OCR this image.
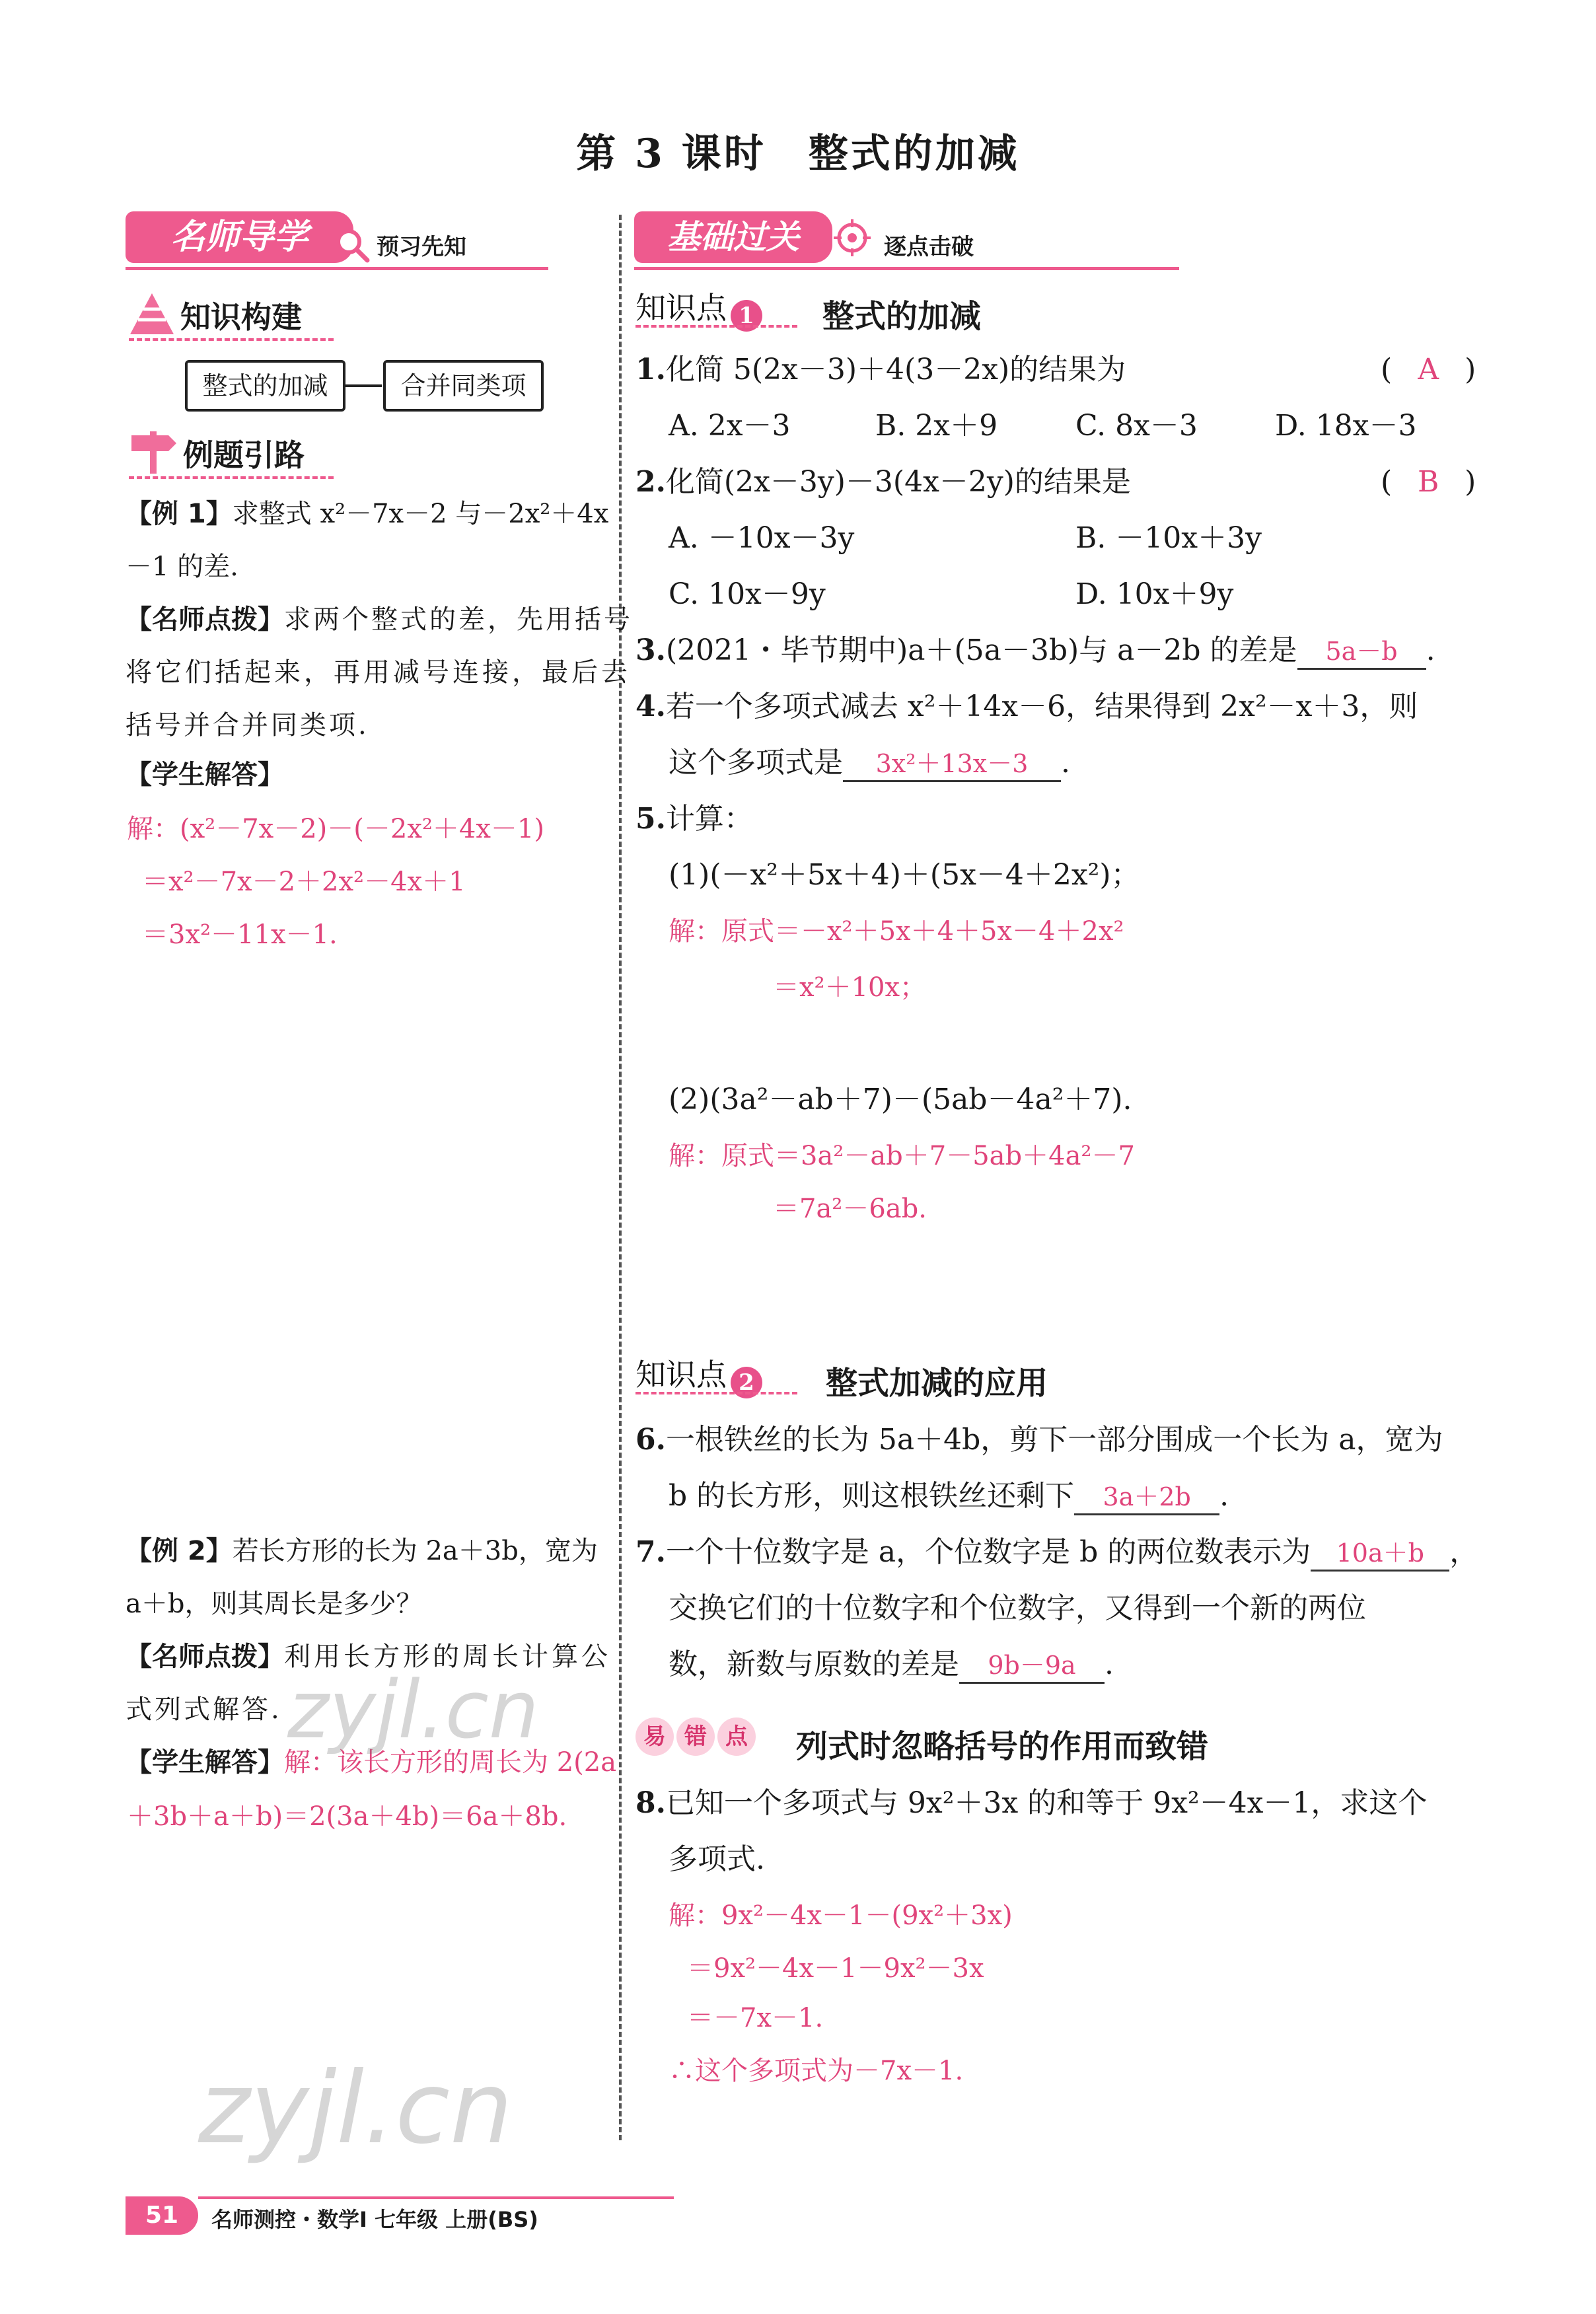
第 3 课时　整式的加减
名师导学	预习先知
知识构建
整式的加减	合并同类项
例题引路
【例 1】求整式 x²－7x－2 与－2x²＋4x
－1 的差.
【名师点拨】求两个整式的差，先用括号
将它们括起来，再用减号连接，最后去
括号并合并同类项.
【学生解答】
解：(x²－7x－2)－(－2x²＋4x－1)
＝x²－7x－2＋2x²－4x＋1
＝3x²－11x－1.
【例 2】若长方形的长为 2a＋3b，宽为
a＋b，则其周长是多少？
【名师点拨】利用长方形的周长计算公
式列式解答.
【学生解答】解：该长方形的周长为 2(2a
＋3b＋a＋b)＝2(3a＋4b)＝6a＋8b.
zyjl.cn
zyjl.cn
基础过关	逐点击破
知识点 1 整式的加减
1.化简 5(2x－3)＋4(3－2x)的结果为	( A )
A. 2x－3	B. 2x＋9	C. 8x－3	D. 18x－3
2.化简(2x－3y)－3(4x－2y)的结果是	( B )
A. －10x－3y	B. －10x＋3y
C. 10x－9y	D. 10x＋9y
3.(2021・毕节期中)a＋(5a－3b)与 a－2b 的差是 5a－b .
4.若一个多项式减去 x²＋14x－6，结果得到 2x²－x＋3，则
这个多项式是 3x²＋13x－3 .
5.计算：
(1)(－x²＋5x＋4)＋(5x－4＋2x²)；
解：原式＝－x²＋5x＋4＋5x－4＋2x²
＝x²＋10x；
(2)(3a²－ab＋7)－(5ab－4a²＋7).
解：原式＝3a²－ab＋7－5ab＋4a²－7
＝7a²－6ab.
知识点 2 整式加减的应用
6.一根铁丝的长为 5a＋4b，剪下一部分围成一个长为 a，宽为
b 的长方形，则这根铁丝还剩下 3a＋2b .
7.一个十位数字是 a，个位数字是 b 的两位数表示为 10a＋b ，
交换它们的十位数字和个位数字，又得到一个新的两位
数，新数与原数的差是 9b－9a .
易 错 点 列式时忽略括号的作用而致错
8.已知一个多项式与 9x²＋3x 的和等于 9x²－4x－1，求这个
多项式.
解：9x²－4x－1－(9x²＋3x)
＝9x²－4x－1－9x²－3x
＝－7x－1.
∴这个多项式为－7x－1.
51	名师测控・数学Ⅰ 七年级 上册(BS)
